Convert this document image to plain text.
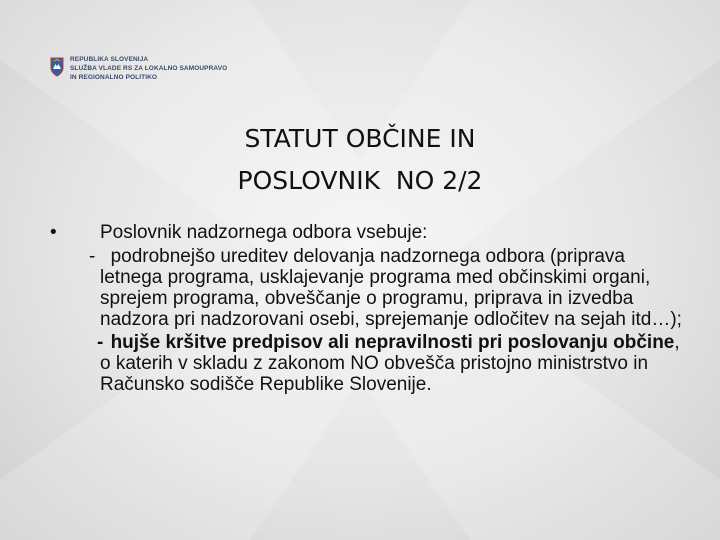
REPUBLIKA SLOVENIJA
SLUŽBA VLADE RS ZA LOKALNO SAMOUPRAVO
IN REGIONALNO POLITIKO
STATUT OBČINE IN
POSLOVNIK  NO 2/2
• Poslovnik nadzornega odbora vsebuje:
- podrobnejšo ureditev delovanja nadzornega odbora (priprava letnega programa, usklajevanje programa med občinskimi organi, sprejem programa, obveščanje o programu, priprava in izvedba nadzora pri nadzorovani osebi, sprejemanje odločitev na sejah itd…);
- hujše kršitve predpisov ali nepravilnosti pri poslovanju občine, o katerih v skladu z zakonom NO obvešča pristojno ministrstvo in Računsko sodišče Republike Slovenije.
